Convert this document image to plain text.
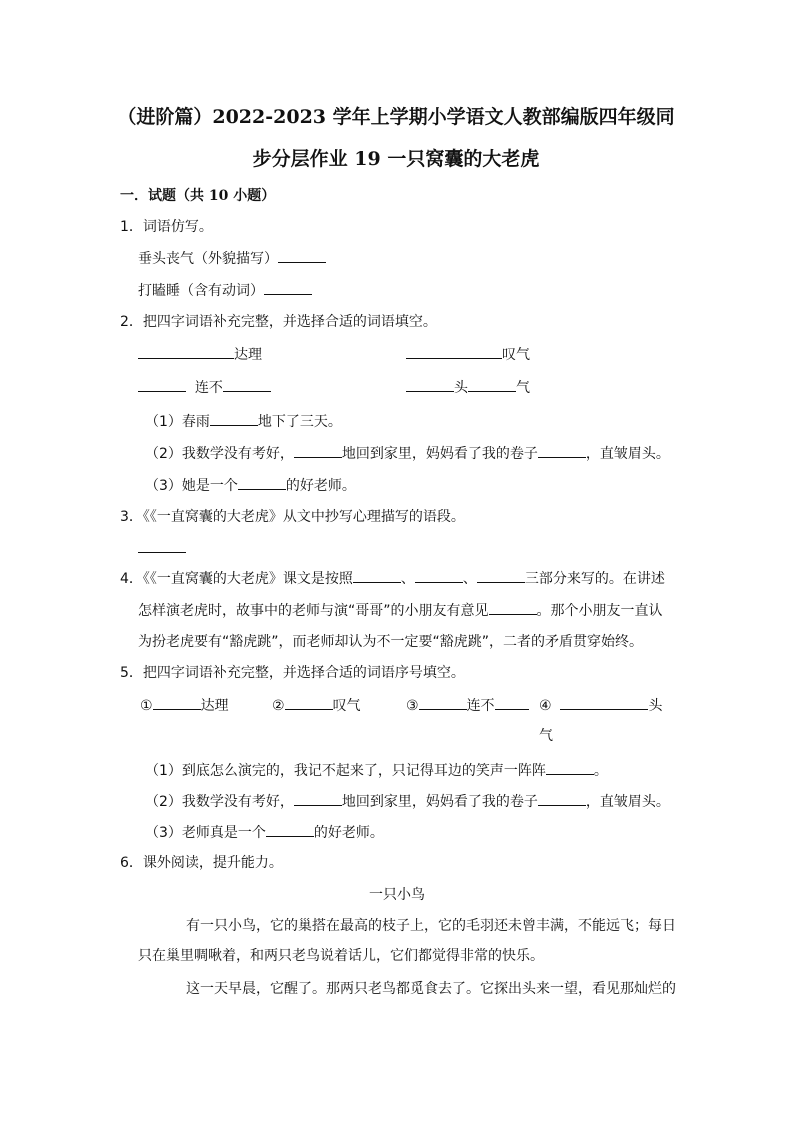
（进阶篇）2022-2023 学年上学期小学语文人教部编版四年级同
步分层作业 19 一只窝囊的大老虎
一．试题（共 10 小题）
1．词语仿写。
垂头丧气（外貌描写）
打瞌睡（含有动词）
2．把四字词语补充完整，并选择合适的词语填空。
达理	叹气
连不	头	气
（1）春雨	地下了三天。
（2）我数学没有考好，	地回到家里，妈妈看了我的卷子	，直皱眉头。
（3）她是一个	的好老师。
3．《《一直窝囊的大老虎》从文中抄写心理描写的语段。
4．《《一直窝囊的大老虎》课文是按照	、	、	三部分来写的。在讲述
怎样演老虎时，故事中的老师与演“哥哥”的小朋友有意见	。那个小朋友一直认
为扮老虎要有“豁虎跳”，而老师却认为不一定要“豁虎跳”，二者的矛盾贯穿始终。
5．把四字词语补充完整，并选择合适的词语序号填空。
①	达理	②	叹气	③	连不	④	头
气
（1）到底怎么演完的，我记不起来了，只记得耳边的笑声一阵阵	。
（2）我数学没有考好，	地回到家里，妈妈看了我的卷子	，直皱眉头。
（3）老师真是一个	的好老师。
6．课外阅读，提升能力。
一只小鸟
有一只小鸟，它的巢搭在最高的枝子上，它的毛羽还未曾丰满，不能远飞；每日
只在巢里啁啾着，和两只老鸟说着话儿，它们都觉得非常的快乐。
这一天早晨，它醒了。那两只老鸟都觅食去了。它探出头来一望，看见那灿烂的
